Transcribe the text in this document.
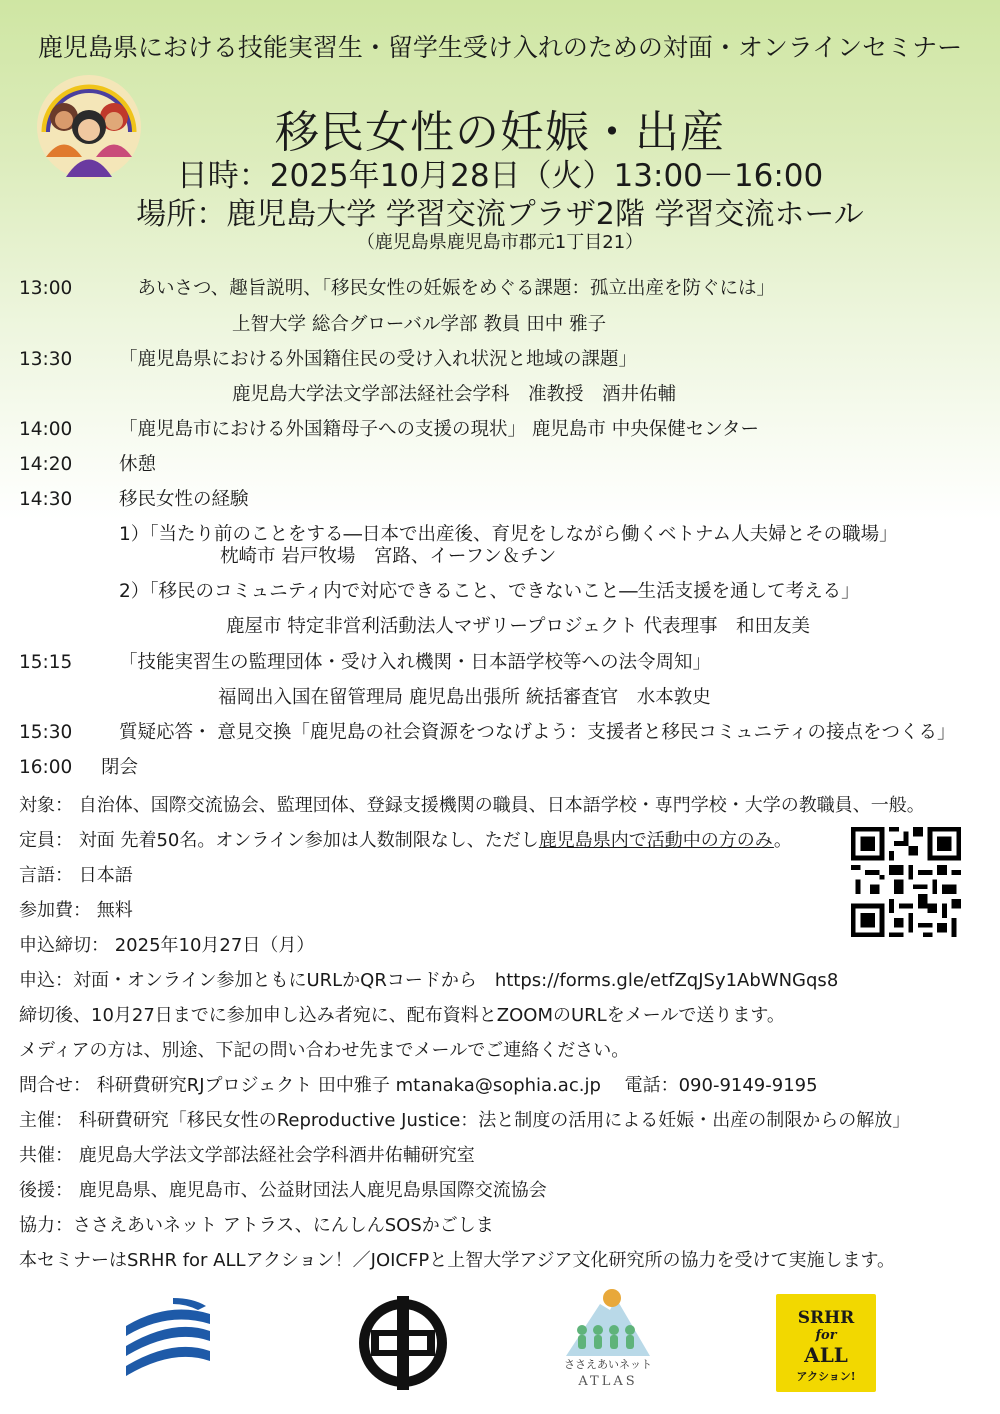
鹿児島県における技能実習生・留学生受け入れのための対面・オンラインセミナー
移民女性の妊娠・出産
日時：2025年10月28日（火）13:00－16:00
場所：鹿児島大学 学習交流プラザ2階 学習交流ホール
（鹿児島県鹿児島市郡元1丁目21）
13:00	　あいさつ、趣旨説明、「移民女性の妊娠をめぐる課題：孤立出産を防ぐには」
上智大学 総合グローバル学部 教員 田中 雅子
13:30	「鹿児島県における外国籍住民の受け入れ状況と地域の課題」
鹿児島大学法文学部法経社会学科　准教授　酒井佑輔
14:00	「鹿児島市における外国籍母子への支援の現状」 鹿児島市 中央保健センター
14:20	休憩
14:30	移民女性の経験
1）「当たり前のことをする―日本で出産後、育児をしながら働くベトナム人夫婦とその職場」
枕崎市 岩戸牧場　宮路、イーフン＆チン
2）「移民のコミュニティ内で対応できること、できないこと―生活支援を通して考える」
鹿屋市 特定非営利活動法人マザリープロジェクト 代表理事　和田友美
15:15	「技能実習生の監理団体・受け入れ機関・日本語学校等への法令周知」
福岡出入国在留管理局 鹿児島出張所 統括審査官　水本敦史
15:30	質疑応答・ 意見交換「鹿児島の社会資源をつなげよう：支援者と移民コミュニティの接点をつくる」
16:00 閉会
対象： 自治体、国際交流協会、監理団体、登録支援機関の職員、日本語学校・専門学校・大学の教職員、一般。
定員： 対面 先着50名。オンライン参加は人数制限なし、ただし鹿児島県内で活動中の方のみ。
言語： 日本語
参加費： 無料
申込締切： 2025年10月27日（月）
申込：対面・オンライン参加ともにURLかQRコードから　https://forms.gle/etfZqJSy1AbWNGqs8
締切後、10月27日までに参加申し込み者宛に、配布資料とZOOMのURLをメールで送ります。
メディアの方は、別途、下記の問い合わせ先までメールでご連絡ください。
問合せ： 科研費研究RJプロジェクト 田中雅子 mtanaka@sophia.ac.jp　 電話：090-9149-9195
主催： 科研費研究「移民女性のReproductive Justice：法と制度の活用による妊娠・出産の制限からの解放」
共催： 鹿児島大学法文学部法経社会学科酒井佑輔研究室
後援： 鹿児島県、鹿児島市、公益財団法人鹿児島県国際交流協会
協力：ささえあいネット アトラス、にんしんSOSかごしま
本セミナーはSRHR for ALLアクション！／JOICFPと上智大学アジア文化研究所の協力を受けて実施します。
ささえあいネット
ATLAS
SRHR
for
ALL
アクション!
